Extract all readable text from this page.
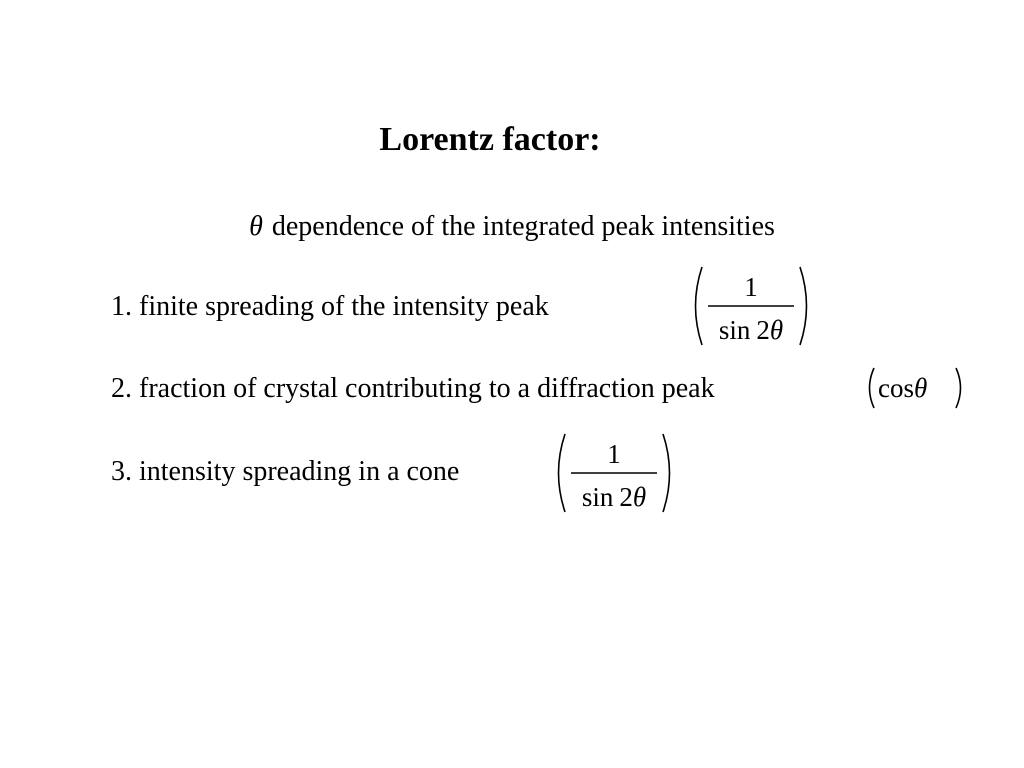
Lorentz factor:
θ dependence of the integrated peak intensities
1. finite spreading of the intensity peak
1
sin 2θ
2. fraction of crystal contributing to a diffraction peak	cosθ
3. intensity spreading in a cone
1
sin 2θ
